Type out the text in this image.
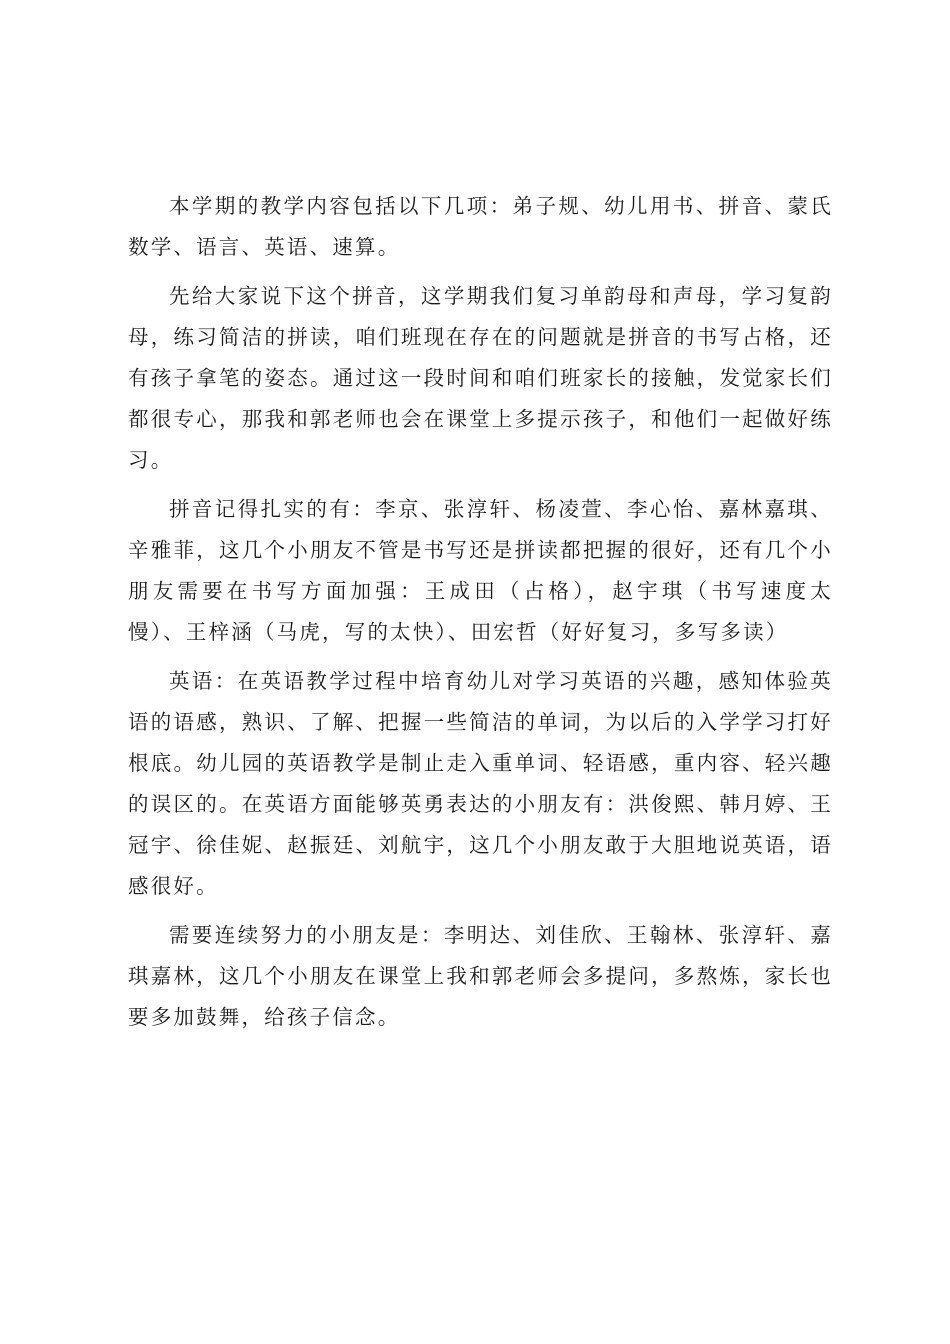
本学期的教学内容包括以下几项：弟子规、幼儿用书、拼音、蒙氏数学、语言、英语、速算。

先给大家说下这个拼音，这学期我们复习单韵母和声母，学习复韵母，练习简洁的拼读，咱们班现在存在的问题就是拼音的书写占格，还有孩子拿笔的姿态。通过这一段时间和咱们班家长的接触，发觉家长们都很专心，那我和郭老师也会在课堂上多提示孩子，和他们一起做好练习。

拼音记得扎实的有：李京、张淳轩、杨凌萱、李心怡、嘉林嘉琪、辛雅菲，这几个小朋友不管是书写还是拼读都把握的很好，还有几个小朋友需要在书写方面加强：王成田（占格），赵宇琪（书写速度太慢）、王梓涵（马虎，写的太快）、田宏哲（好好复习，多写多读）

英语：在英语教学过程中培育幼儿对学习英语的兴趣，感知体验英语的语感，熟识、了解、把握一些简洁的单词，为以后的入学学习打好根底。幼儿园的英语教学是制止走入重单词、轻语感，重内容、轻兴趣的误区的。在英语方面能够英勇表达的小朋友有：洪俊熙、韩月婷、王冠宇、徐佳妮、赵振廷、刘航宇，这几个小朋友敢于大胆地说英语，语感很好。

需要连续努力的小朋友是：李明达、刘佳欣、王翰林、张淳轩、嘉琪嘉林，这几个小朋友在课堂上我和郭老师会多提问，多熬炼，家长也要多加鼓舞，给孩子信念。
